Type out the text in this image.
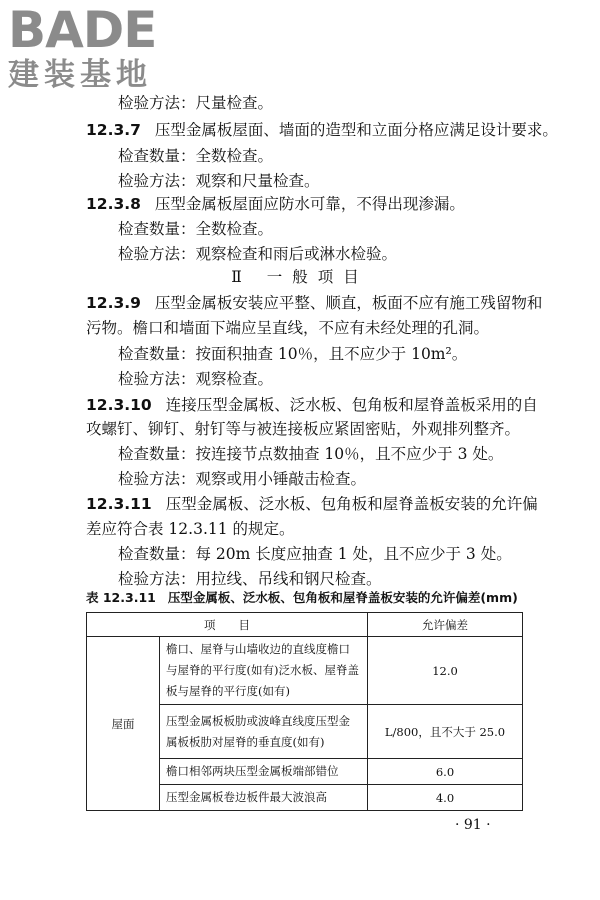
BADE
建装基地
检验方法：尺量检查。
12.3.7 压型金属板屋面、墙面的造型和立面分格应满足设计要求。
检查数量：全数检查。
检验方法：观察和尺量检查。
12.3.8 压型金属板屋面应防水可靠，不得出现渗漏。
检查数量：全数检查。
检验方法：观察检查和雨后或淋水检验。
Ⅱ 一般项目
12.3.9 压型金属板安装应平整、顺直，板面不应有施工残留物和
污物。檐口和墙面下端应呈直线，不应有未经处理的孔洞。
检查数量：按面积抽查 10％，且不应少于 10m²。
检验方法：观察检查。
12.3.10 连接压型金属板、泛水板、包角板和屋脊盖板采用的自
攻螺钉、铆钉、射钉等与被连接板应紧固密贴，外观排列整齐。
检查数量：按连接节点数抽查 10％，且不应少于 3 处。
检验方法：观察或用小锤敲击检查。
12.3.11 压型金属板、泛水板、包角板和屋脊盖板安装的允许偏
差应符合表 12.3.11 的规定。
检查数量：每 20m 长度应抽查 1 处，且不应少于 3 处。
检验方法：用拉线、吊线和钢尺检查。
表 12.3.11 压型金属板、泛水板、包角板和屋脊盖板安装的允许偏差(mm)
项　　目		允许偏差
屋面	檐口、屋脊与山墙收边的直线度檐口与屋脊的平行度(如有)泛水板、屋脊盖板与屋脊的平行度(如有)	12.0
	压型金属板板肋或波峰直线度压型金属板板肋对屋脊的垂直度(如有)	L/800，且不大于 25.0
	檐口相邻两块压型金属板端部错位	6.0
	压型金属板卷边板件最大波浪高	4.0
· 91 ·
